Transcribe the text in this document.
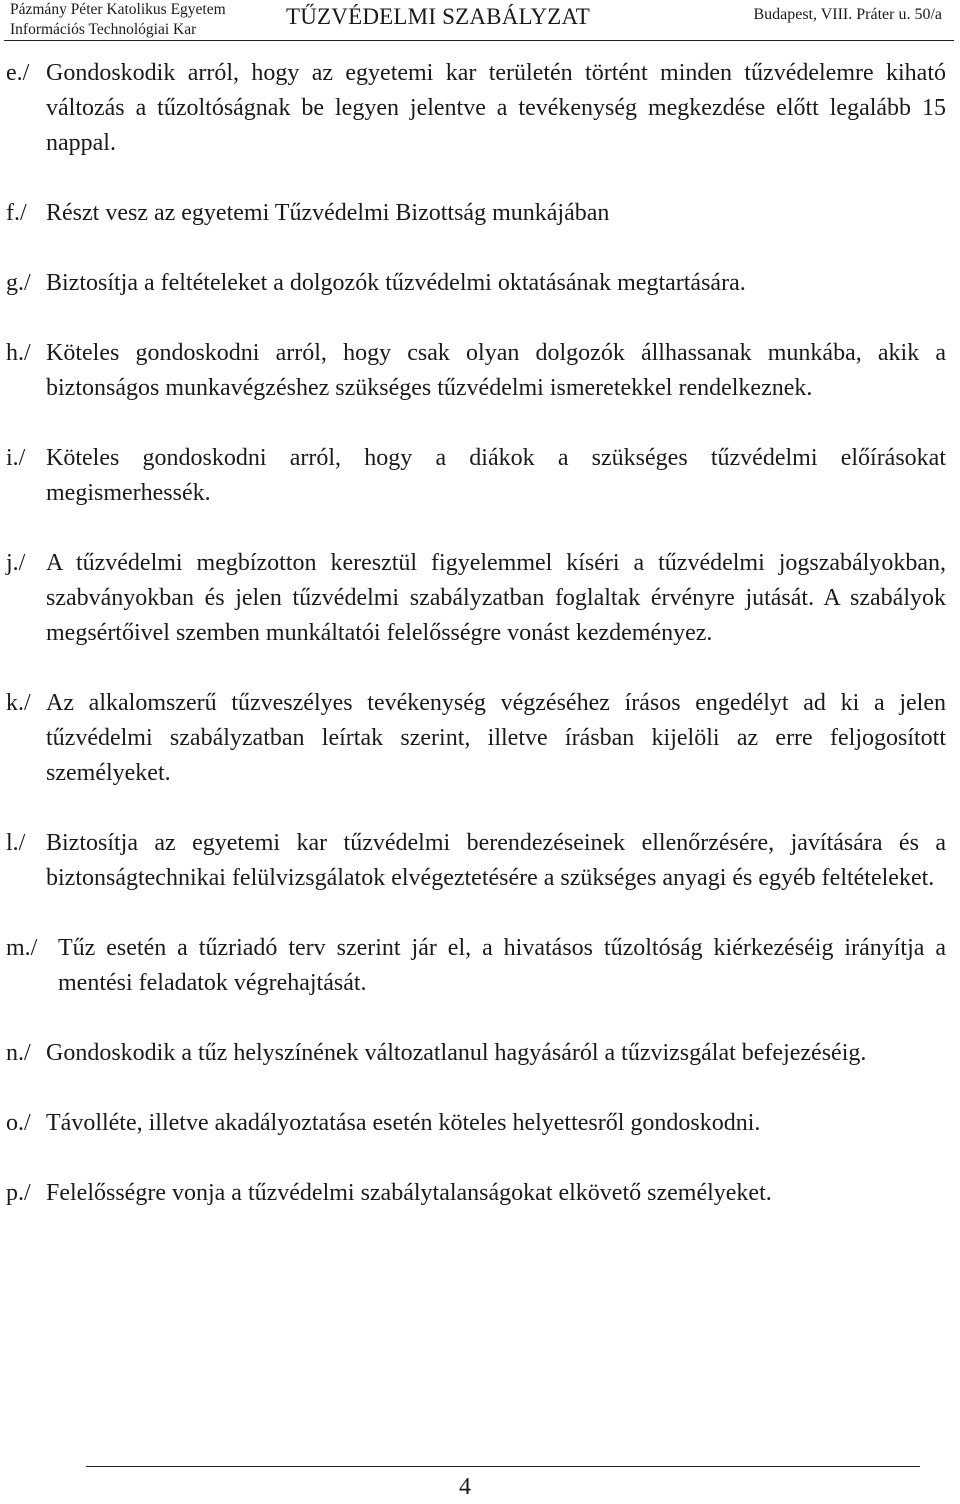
Pázmány Péter Katolikus Egyetem
Információs Technológiai Kar
TŰZVÉDELMI SZABÁLYZAT	Budapest, VIII. Práter u. 50/a
e./ Gondoskodik arról, hogy az egyetemi kar területén történt minden tűzvédelemre kiható változás a tűzoltóságnak be legyen jelentve a tevékenység megkezdése előtt legalább 15 nappal.
f./ Részt vesz az egyetemi Tűzvédelmi Bizottság munkájában
g./ Biztosítja a feltételeket a dolgozók tűzvédelmi oktatásának megtartására.
h./ Köteles gondoskodni arról, hogy csak olyan dolgozók állhassanak munkába, akik a biztonságos munkavégzéshez szükséges tűzvédelmi ismeretekkel rendelkeznek.
i./ Köteles gondoskodni arról, hogy a diákok a szükséges tűzvédelmi előírásokat megismerhessék.
j./ A tűzvédelmi megbízotton keresztül figyelemmel kíséri a tűzvédelmi jogszabályokban, szabványokban és jelen tűzvédelmi szabályzatban foglaltak érvényre jutását. A szabályok megsértőivel szemben munkáltatói felelősségre vonást kezdeményez.
k./ Az alkalomszerű tűzveszélyes tevékenység végzéséhez írásos engedélyt ad ki a jelen tűzvédelmi szabályzatban leírtak szerint, illetve írásban kijelöli az erre feljogosított személyeket.
l./ Biztosítja az egyetemi kar tűzvédelmi berendezéseinek ellenőrzésére, javítására és a biztonságtechnikai felülvizsgálatok elvégeztetésére a szükséges anyagi és egyéb feltételeket.
m./ Tűz esetén a tűzriadó terv szerint jár el, a hivatásos tűzoltóság kiérkezéséig irányítja a mentési feladatok végrehajtását.
n./ Gondoskodik a tűz helyszínének változatlanul hagyásáról a tűzvizsgálat befejezéséig.
o./ Távolléte, illetve akadályoztatása esetén köteles helyettesről gondoskodni.
p./ Felelősségre vonja a tűzvédelmi szabálytalanságokat elkövető személyeket.
4
